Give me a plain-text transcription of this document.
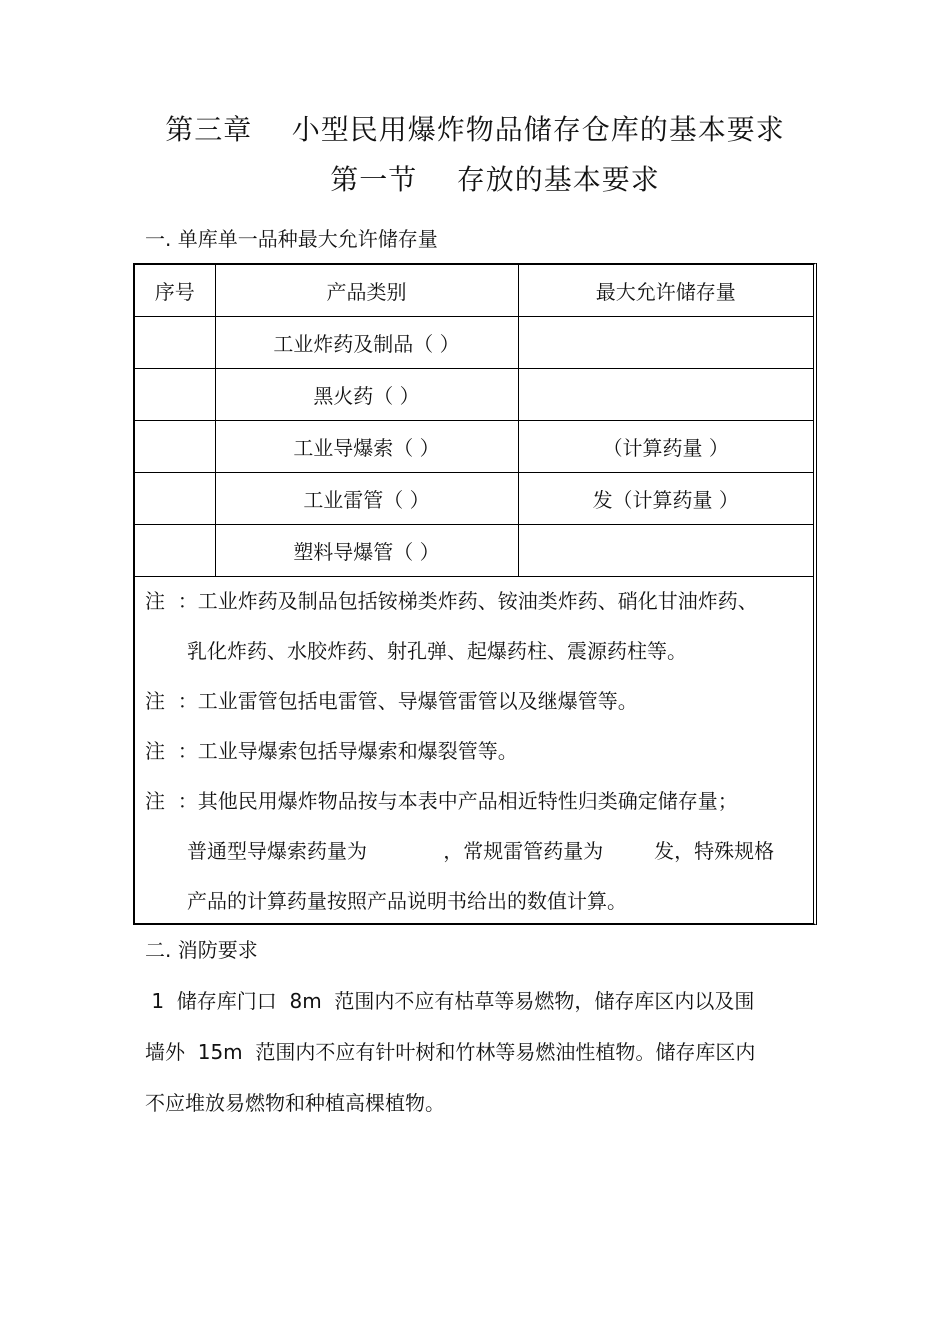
第三章    小型民用爆炸物品储存仓库的基本要求
第一节    存放的基本要求
一. 单库单一品种最大允许储存量
序号	产品类别	最大允许储存量
	工业炸药及制品（ ）	
	黑火药（ ）	
	工业导爆索（ ）	（计算药量 ）
	工业雷管（ ）	发（计算药量 ）
	塑料导爆管（ ）	
注  ：工业炸药及制品包括铵梯类炸药、铵油类炸药、硝化甘油炸药、
乳化炸药、水胶炸药、射孔弹、起爆药柱、震源药柱等。
注  ：工业雷管包括电雷管、导爆管雷管以及继爆管等。
注  ：工业导爆索包括导爆索和爆裂管等。
注  ：其他民用爆炸物品按与本表中产品相近特性归类确定储存量；
普通型导爆索药量为            ，常规雷管药量为        发，特殊规格
产品的计算药量按照产品说明书给出的数值计算。
二. 消防要求
1  储存库门口  8m  范围内不应有枯草等易燃物，储存库区内以及围
墙外  15m  范围内不应有针叶树和竹林等易燃油性植物。储存库区内
不应堆放易燃物和种植高棵植物。
